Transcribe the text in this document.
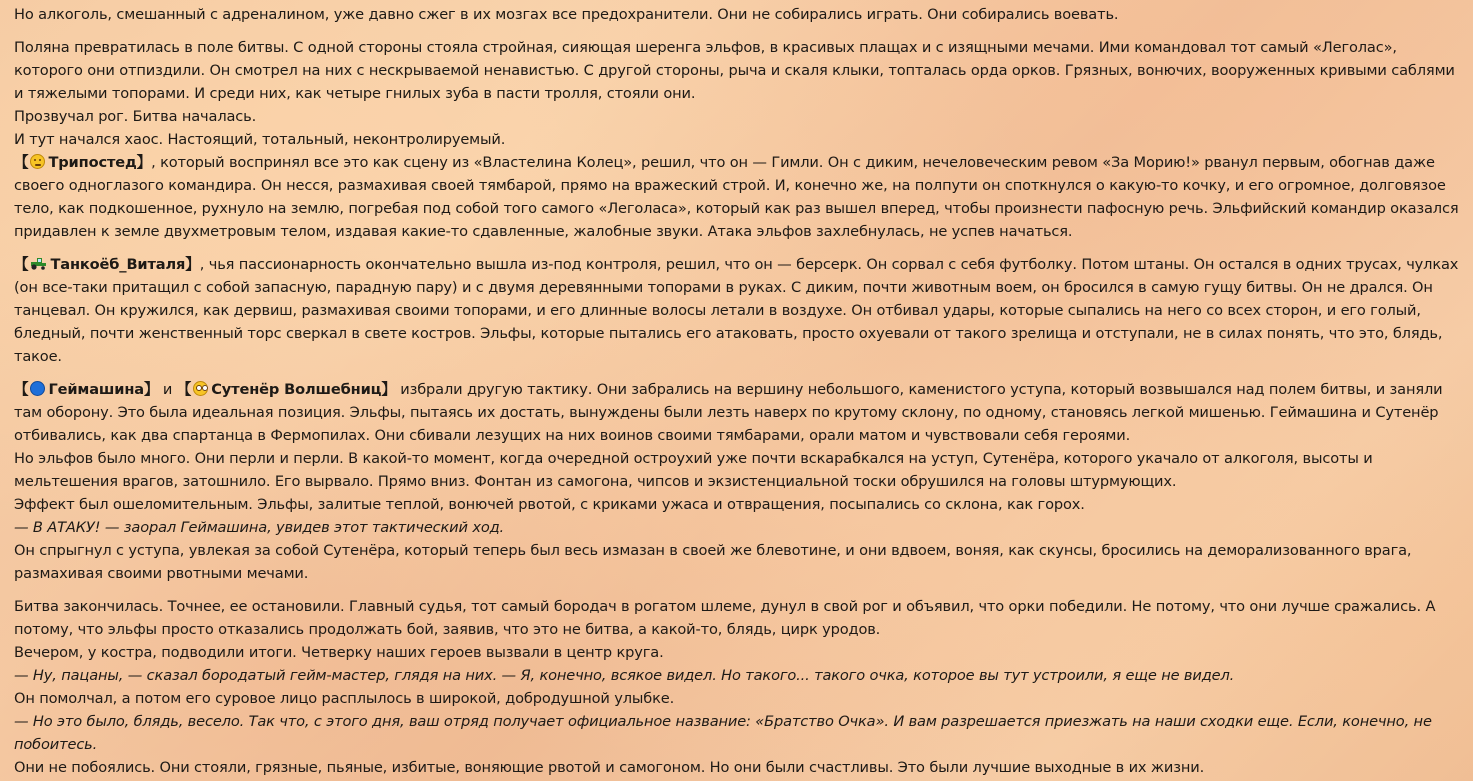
Но алкоголь, смешанный с адреналином, уже давно сжег в их мозгах все предохранители. Они не собирались играть. Они собирались воевать.

Поляна превратилась в поле битвы. С одной стороны стояла стройная, сияющая шеренга эльфов, в красивых плащах и с изящными мечами. Ими командовал тот самый «Леголас», которого они отпиздили. Он смотрел на них с нескрываемой ненавистью. С другой стороны, рыча и скаля клыки, топталась орда орков. Грязных, вонючих, вооруженных кривыми саблями и тяжелыми топорами. И среди них, как четыре гнилых зуба в пасти тролля, стояли они.

Прозвучал рог. Битва началась.

И тут начался хаос. Настоящий, тотальный, неконтролируемый.

【 Трипостед】, который воспринял все это как сцену из «Властелина Колец», решил, что он — Гимли. Он с диким, нечеловеческим ревом «За Морию!» рванул первым, обогнав даже своего одноглазого командира. Он несся, размахивая своей тямбарой, прямо на вражеский строй. И, конечно же, на полпути он споткнулся о какую-то кочку, и его огромное, долговязое тело, как подкошенное, рухнуло на землю, погребая под собой того самого «Леголаса», который как раз вышел вперед, чтобы произнести пафосную речь. Эльфийский командир оказался придавлен к земле двухметровым телом, издавая какие-то сдавленные, жалобные звуки. Атака эльфов захлебнулась, не успев начаться.

【 Танкоёб_Виталя】, чья пассионарность окончательно вышла из-под контроля, решил, что он — берсерк. Он сорвал с себя футболку. Потом штаны. Он остался в одних трусах, чулках (он все-таки притащил с собой запасную, парадную пару) и с двумя деревянными топорами в руках. С диким, почти животным воем, он бросился в самую гущу битвы. Он не дрался. Он танцевал. Он кружился, как дервиш, размахивая своими топорами, и его длинные волосы летали в воздухе. Он отбивал удары, которые сыпались на него со всех сторон, и его голый, бледный, почти женственный торс сверкал в свете костров. Эльфы, которые пытались его атаковать, просто охуевали от такого зрелища и отступали, не в силах понять, что это, блядь, такое.

【 Геймашина】 и 【 Сутенёр Волшебниц】 избрали другую тактику. Они забрались на вершину небольшого, каменистого уступа, который возвышался над полем битвы, и заняли там оборону. Это была идеальная позиция. Эльфы, пытаясь их достать, вынуждены были лезть наверх по крутому склону, по одному, становясь легкой мишенью. Геймашина и Сутенёр отбивались, как два спартанца в Фермопилах. Они сбивали лезущих на них воинов своими тямбарами, орали матом и чувствовали себя героями.

Но эльфов было много. Они перли и перли. В какой-то момент, когда очередной остроухий уже почти вскарабкался на уступ, Сутенёра, которого укачало от алкоголя, высоты и мельтешения врагов, затошнило. Его вырвало. Прямо вниз. Фонтан из самогона, чипсов и экзистенциальной тоски обрушился на головы штурмующих.

Эффект был ошеломительным. Эльфы, залитые теплой, вонючей рвотой, с криками ужаса и отвращения, посыпались со склона, как горох.

— В АТАКУ! — заорал Геймашина, увидев этот тактический ход.

Он спрыгнул с уступа, увлекая за собой Сутенёра, который теперь был весь измазан в своей же блевотине, и они вдвоем, воняя, как скунсы, бросились на деморализованного врага, размахивая своими рвотными мечами.

Битва закончилась. Точнее, ее остановили. Главный судья, тот самый бородач в рогатом шлеме, дунул в свой рог и объявил, что орки победили. Не потому, что они лучше сражались. А потому, что эльфы просто отказались продолжать бой, заявив, что это не битва, а какой-то, блядь, цирк уродов.

Вечером, у костра, подводили итоги. Четверку наших героев вызвали в центр круга.

— Ну, пацаны, — сказал бородатый гейм-мастер, глядя на них. — Я, конечно, всякое видел. Но такого... такого очка, которое вы тут устроили, я еще не видел.

Он помолчал, а потом его суровое лицо расплылось в широкой, добродушной улыбке.

— Но это было, блядь, весело. Так что, с этого дня, ваш отряд получает официальное название: «Братство Очка». И вам разрешается приезжать на наши сходки еще. Если, конечно, не побоитесь.

Они не побоялись. Они стояли, грязные, пьяные, избитые, воняющие рвотой и самогоном. Но они были счастливы. Это были лучшие выходные в их жизни.
